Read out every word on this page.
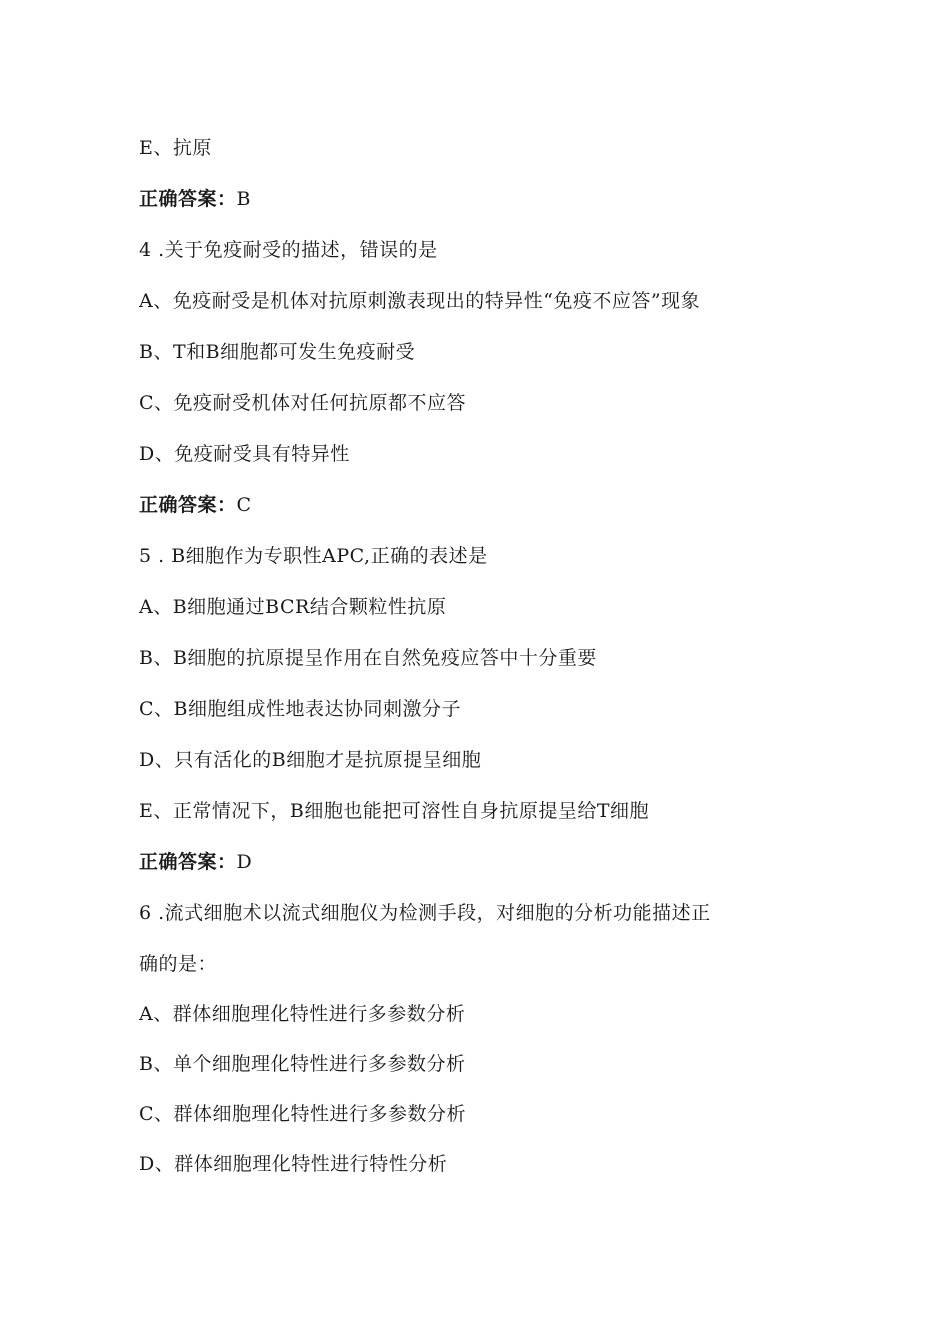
E、抗原
正确答案：B
4 .关于免疫耐受的描述，错误的是
A、免疫耐受是机体对抗原刺激表现出的特异性“免疫不应答”现象
B、T和B细胞都可发生免疫耐受
C、免疫耐受机体对任何抗原都不应答
D、免疫耐受具有特异性
正确答案：C
5 . B细胞作为专职性APC,正确的表述是
A、B细胞通过BCR结合颗粒性抗原
B、B细胞的抗原提呈作用在自然免疫应答中十分重要
C、B细胞组成性地表达协同刺激分子
D、只有活化的B细胞才是抗原提呈细胞
E、正常情况下，B细胞也能把可溶性自身抗原提呈给T细胞
正确答案：D
6 .流式细胞术以流式细胞仪为检测手段，对细胞的分析功能描述正
确的是：
A、群体细胞理化特性进行多参数分析
B、单个细胞理化特性进行多参数分析
C、群体细胞理化特性进行多参数分析
D、群体细胞理化特性进行特性分析
